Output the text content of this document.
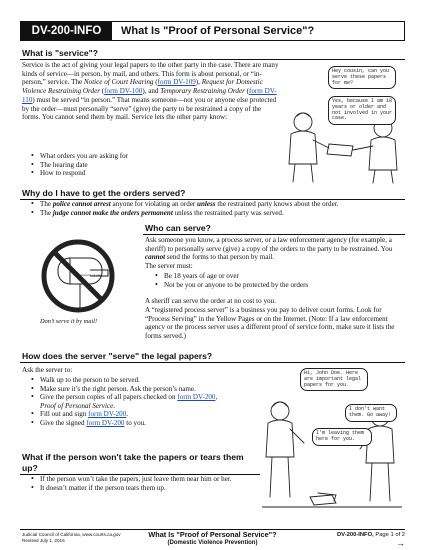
DV-200-INFO	What Is "Proof of Personal Service"?
What is "service"?
Service is the act of giving your legal papers to the other party in the case. There are many kinds of service—in person, by mail, and others. This form is about personal, or “in-person,” service. The Notice of Court Hearing (form DV-109), Request for Domestic Violence Restraining Order (form DV-100), and Temporary Restraining Order (form DV-110) must be served “in person.” That means someone—not you or anyone else protected by the order—must personally “serve” (give) the party to be restrained a copy of the forms. You cannot send them by mail. Service lets the other party know:
• What orders you are asking for
• The hearing date
• How to respond
Hey cousin, can you serve these papers for me?
Yes, because I am 18 years or older and not involved in your case.
Why do I have to get the orders served?
• The police cannot arrest anyone for violating an order unless the restrained party knows about the order.
• The judge cannot make the orders permanent unless the restrained party was served.
Who can serve?
www.courts.ca.gov
Don’t serve it by mail!
Ask someone you know, a process server, or a law enforcement agency (for example, a sheriff) to personally serve (give) a copy of the orders to the party to be restrained. You cannot send the forms to that person by mail.
The server must:
• Be 18 years of age or over
• Not be you or anyone to be protected by the orders
A sheriff can serve the order at no cost to you.
A “registered process server” is a business you pay to deliver court forms. Look for “Process Serving” in the Yellow Pages or on the Internet. (Note: If a law enforcement agency or the process server uses a different proof of service form, make sure it lists the forms served.)
How does the server "serve" the legal papers?
Ask the server to:
• Walk up to the person to be served.
• Make sure it’s the right person. Ask the person’s name.
• Give the person copies of all papers checked on form DV-200,
Proof of Personal Service.
• Fill out and sign form DV-200.
• Give the signed form DV-200 to you.
Hi, John Doe. Here are important legal papers for you.
I don't want them. Go away!
I'm leaving them here for you.
What if the person won't take the papers or tears them up?
• If the person won’t take the papers, just leave them near him or her.
• It doesn’t matter if the person tears them up.
Judicial Council of California, www.courts.ca.gov
Revised July 1, 2016
What Is "Proof of Personal Service"?
(Domestic Violence Prevention)
DV-200-INFO, Page 1 of 2
→
